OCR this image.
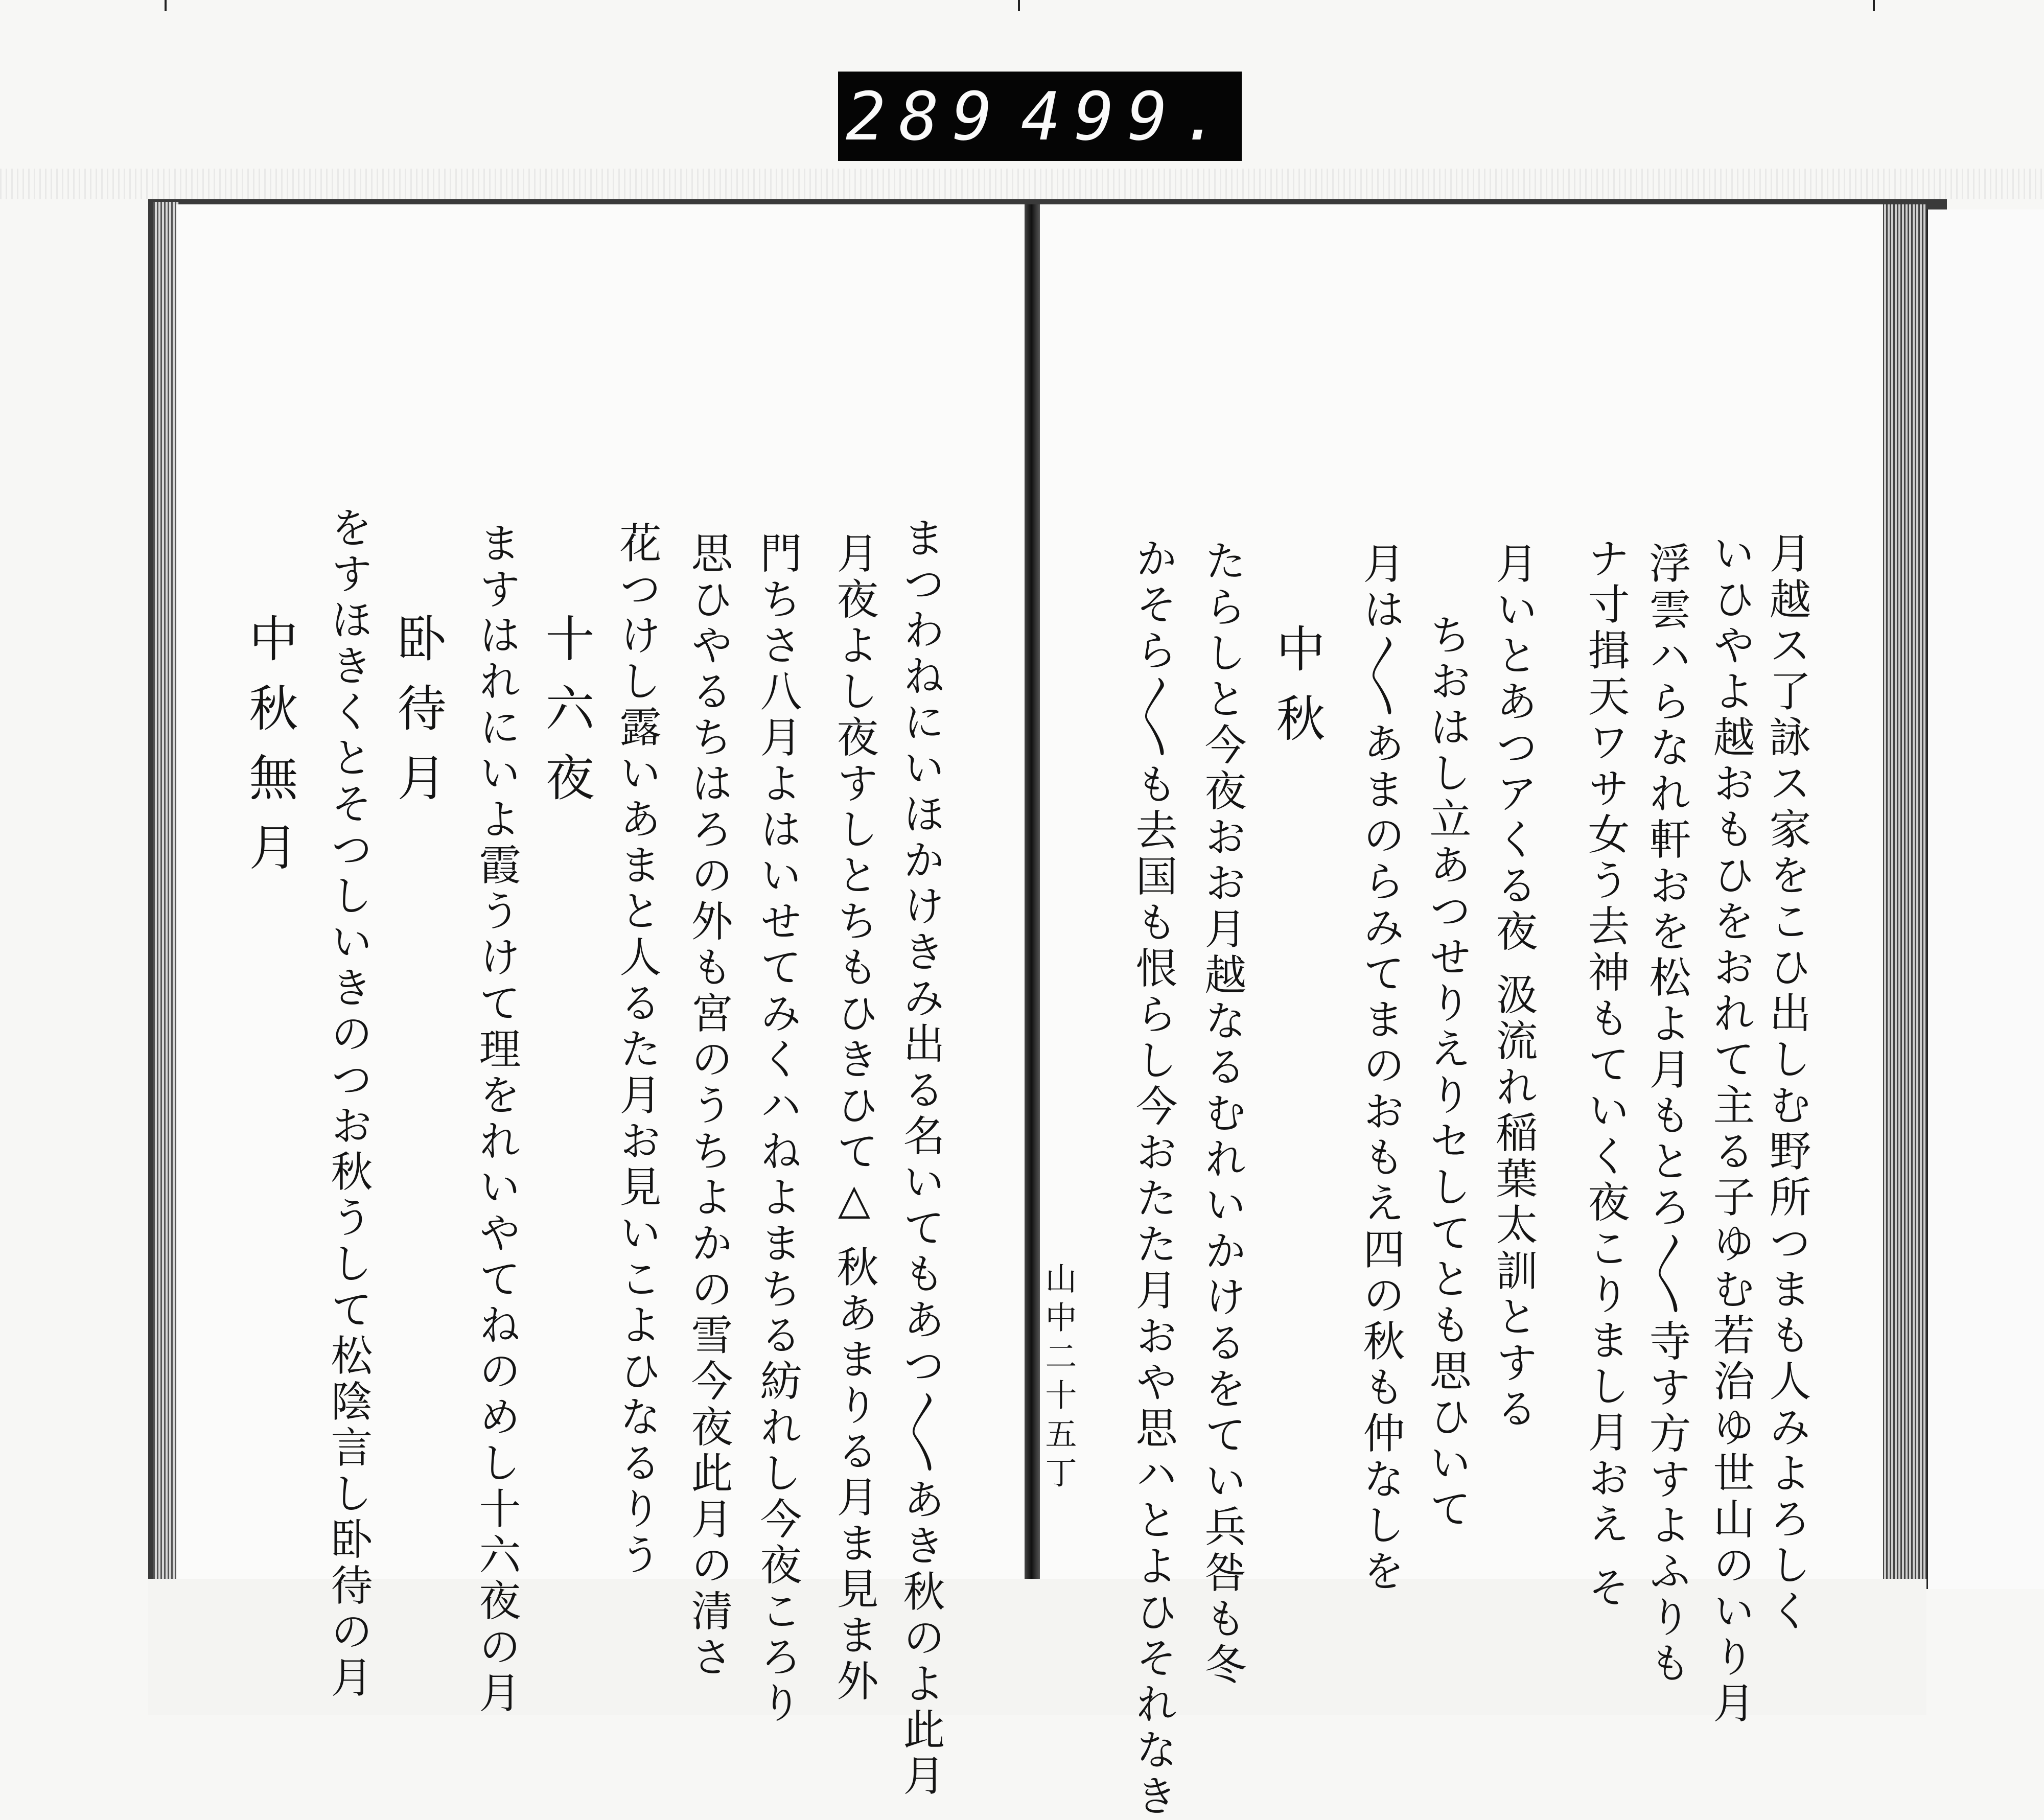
289 499.
月越ス了詠ス家をこひ出しむ野所つまも人みよろしく
いひやよ越おもひをおれて主る子ゆむ若治ゆ世山のいり月
浮雲ハらなれ軒おを松よ月もとろ〳〵寺す方すよふりも
ナ寸揖天ワサ女う去神もていく夜こりまし月おえ そ
月いとあつアくる夜 汲流れ稲葉太訓とする
ちおはし立あつせりえりセしてとも思ひいて
月は〳〵あまのらみてまのおもえ四の秋も仲なしを
中秋
たらしと今夜おお月越なるむれいかけるをてい兵咎も冬
かそら〳〵も去国も恨らし今おたた月おや思ハとよひそれなき
山中二十五丁
まつわねにいほかけきみ出る名いてもあつ〳〵あき秋のよ此月
月夜よし夜すしとちもひきひて△ 秋あまりる月ま見ま外
門ちさ八月よはいせてみくハねよまちる紡れし今夜ころり
思ひやるちはろの外も宮のうちよかの雪今夜此月の清さ
花つけし露いあまと人るた月お見いこよひなるりう
十六夜
ますはれにいよ霞うけて理をれいやてねのめし十六夜の月
卧待月
をすほきくとそつしいきのつお秋うして松陰言し卧待の月
中秋無月
